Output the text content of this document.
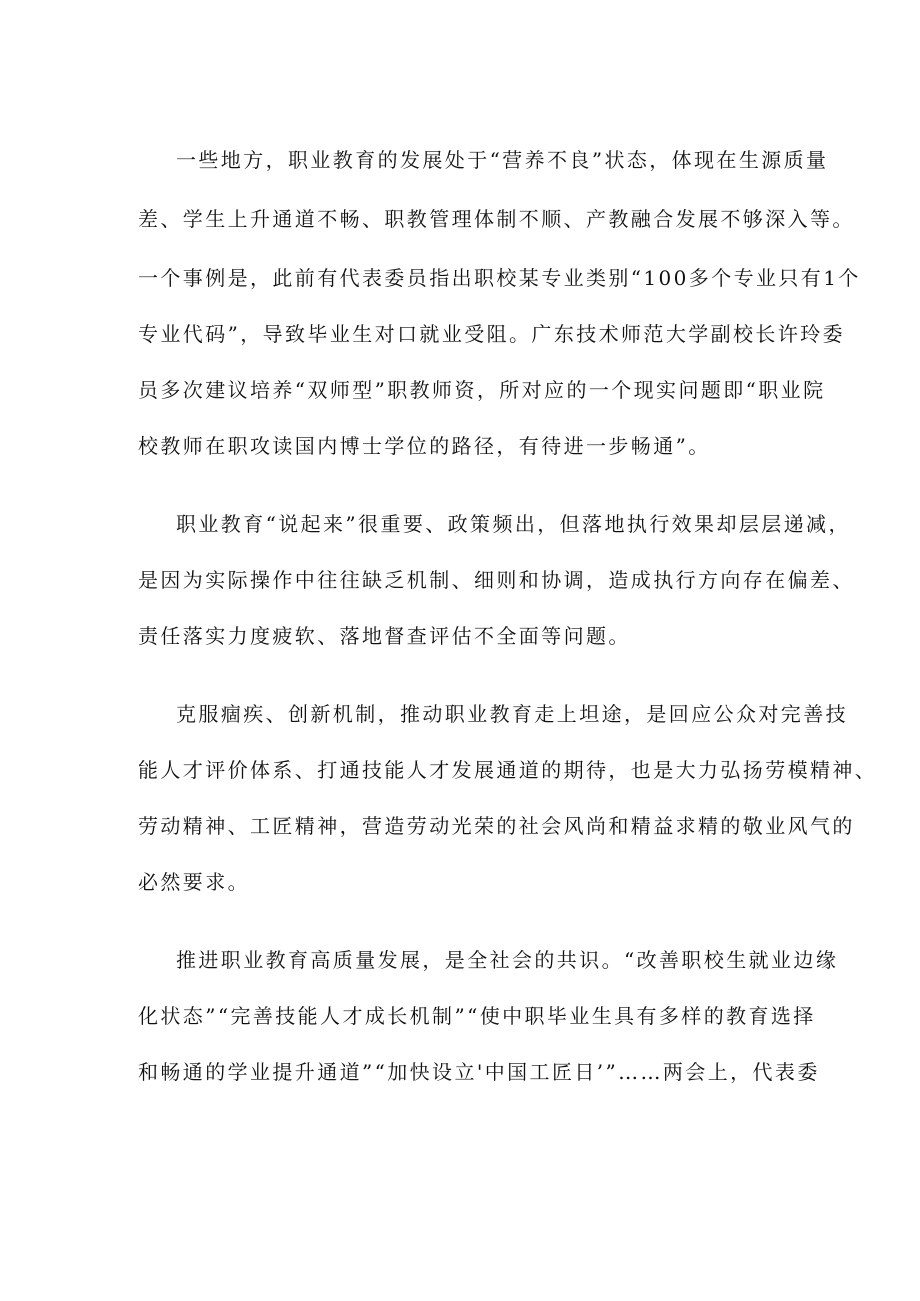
一些地方，职业教育的发展处于“营养不良”状态，体现在生源质量
差、学生上升通道不畅、职教管理体制不顺、产教融合发展不够深入等。
一个事例是，此前有代表委员指出职校某专业类别“100多个专业只有1个
专业代码”，导致毕业生对口就业受阻。广东技术师范大学副校长许玲委
员多次建议培养“双师型”职教师资，所对应的一个现实问题即“职业院
校教师在职攻读国内博士学位的路径，有待进一步畅通”。
职业教育“说起来”很重要、政策频出，但落地执行效果却层层递减，
是因为实际操作中往往缺乏机制、细则和协调，造成执行方向存在偏差、
责任落实力度疲软、落地督查评估不全面等问题。
克服痼疾、创新机制，推动职业教育走上坦途，是回应公众对完善技
能人才评价体系、打通技能人才发展通道的期待，也是大力弘扬劳模精神、
劳动精神、工匠精神，营造劳动光荣的社会风尚和精益求精的敬业风气的
必然要求。
推进职业教育高质量发展，是全社会的共识。“改善职校生就业边缘
化状态”“完善技能人才成长机制”“使中职毕业生具有多样的教育选择
和畅通的学业提升通道”“加快设立'中国工匠日’”……两会上，代表委
